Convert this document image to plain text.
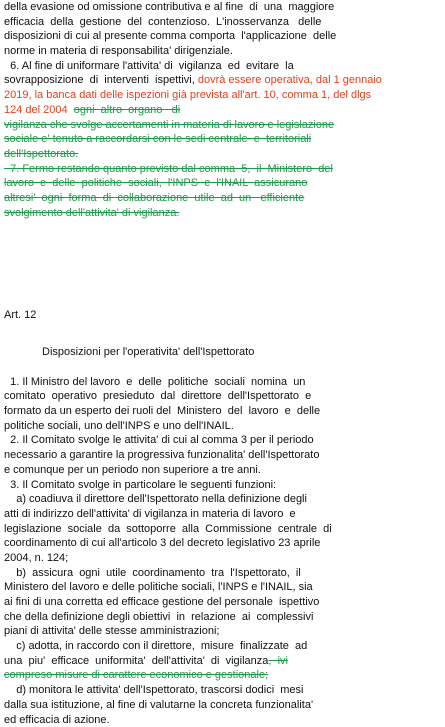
della evasione od omissione contributiva e al fine  di  una  maggiore
efficacia  della  gestione  del  contenzioso.  L'inosservanza   delle
disposizioni di cui al presente comma comporta  l'applicazione  delle
norme in materia di responsabilita' dirigenziale.
6. Al fine di uniformare l'attivita' di  vigilanza  ed  evitare  la
sovrapposizione  di  interventi  ispettivi, dovrà essere operativa, dal 1 gennaio
2019, la banca dati delle ispezioni già prevista all'art. 10, comma 1, del dlgs
124 del 2004 ogni  altro  organo   di
vigilanza che svolge accertamenti in materia di lavoro e legislazione
sociale e' tenuto a raccordarsi con le sedi centrale  e  territoriali
dell'Ispettorato.
7. Fermo restando quanto previsto dal comma  5,  il  Ministero  del
lavoro  e  delle  politiche  sociali,  l'INPS  e  l'INAIL  assicurano
altresi'  ogni  forma  di  collaborazione  utile  ad  un   efficiente
svolgimento dell'attivita' di vigilanza.
Art. 12
Disposizioni per l'operativita' dell'Ispettorato
1. Il Ministro del lavoro  e  delle  politiche  sociali  nomina  un
comitato  operativo  presieduto  dal  direttore  dell'Ispettorato  e
formato da un esperto dei ruoli del  Ministero  del  lavoro  e  delle
politiche sociali, uno dell'INPS e uno dell'INAIL.
2. Il Comitato svolge le attivita' di cui al comma 3 per il periodo
necessario a garantire la progressiva funzionalita' dell'Ispettorato
e comunque per un periodo non superiore a tre anni.
3. Il Comitato svolge in particolare le seguenti funzioni:
a) coadiuva il direttore dell'Ispettorato nella definizione degli
atti di indirizzo dell'attivita' di vigilanza in materia di lavoro  e
legislazione  sociale  da  sottoporre  alla  Commissione  centrale  di
coordinamento di cui all'articolo 3 del decreto legislativo 23 aprile
2004, n. 124;
b)  assicura  ogni  utile  coordinamento  tra  l'Ispettorato,  il
Ministero del lavoro e delle politiche sociali, l'INPS e l'INAIL, sia
ai fini di una corretta ed efficace gestione del personale  ispettivo
che della definizione degli obiettivi  in  relazione  ai  complessivi
piani di attivita' delle stesse amministrazioni;
c) adotta, in raccordo con il direttore,  misure  finalizzate  ad
una  piu'  efficace  uniformita'  dell'attivita'  di  vigilanza,  ivi
compreso misure di carattere economico e gestionale;
d) monitora le attivita' dell'Ispettorato, trascorsi dodici  mesi
dalla sua istituzione, al fine di valutarne la concreta funzionalita'
ed efficacia di azione.
